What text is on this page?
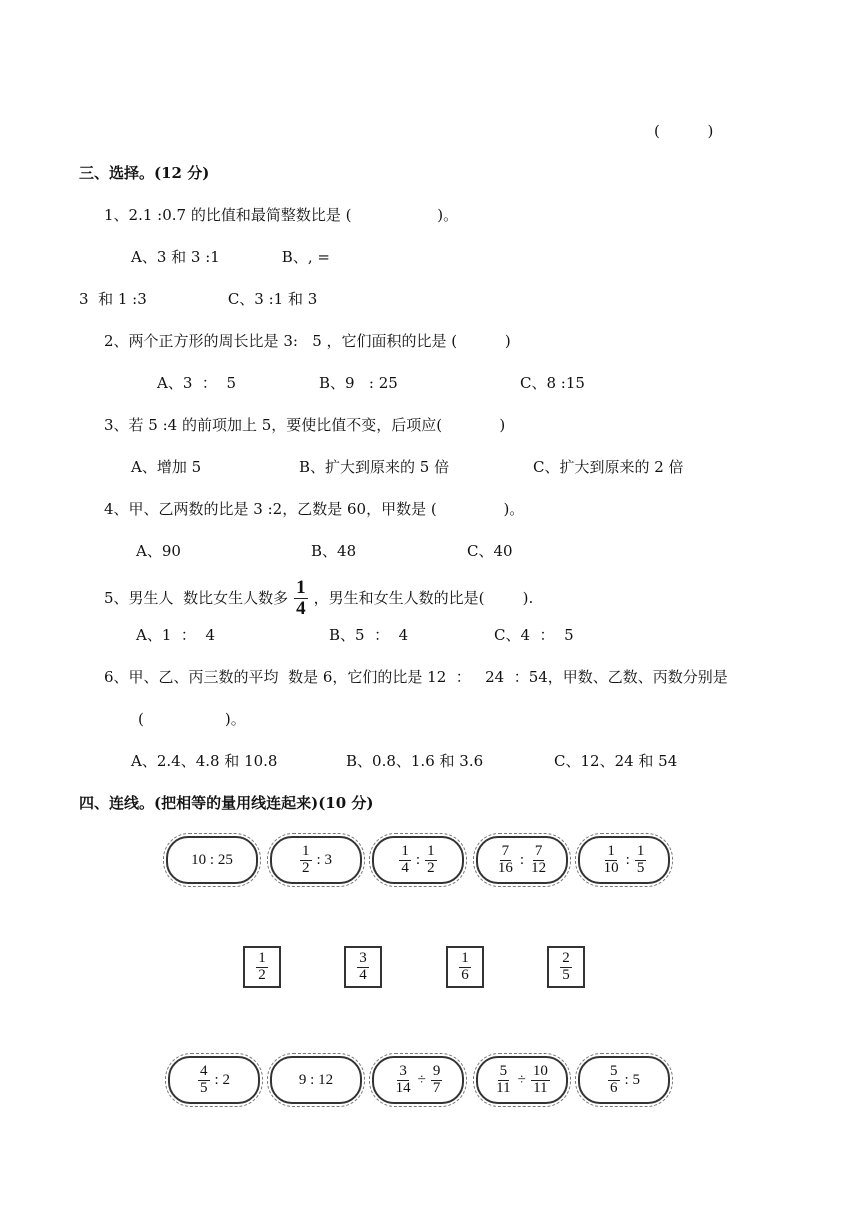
(          )
三、选择。(12 分)
1、2.1 :0.7 的比值和最简整数比是 (                  )。
A、3 和 3 :1             B、, =
3  和 1 :3                 C、3 :1 和 3
2、两个正方形的周长比是 3:   5 ，它们面积的比是 (          )
A、3  ：  5	B、9   : 25	C、8 :15
3、若 5 :4 的前项加上 5，要使比值不变，后项应(            )
A、增加 5	B、扩大到原来的 5 倍	C、扩大到原来的 2 倍
4、甲、乙两数的比是 3 :2，乙数是 60，甲数是 (              )。
A、90	B、48	C、40
5、男生人  数比女生人数多 $\frac{1}{4}$ ，男生和女生人数的比是(        ).
A、1  ：  4	B、5  ：  4	C、4  ：  5
6、甲、乙、丙三数的平均  数是 6，它们的比是 12  ：   24  ：54，甲数、乙数、丙数分别是
(                 )。
A、2.4、4.8 和 10.8	B、0.8、1.6 和 3.6	C、12、24 和 54
四、连线。(把相等的量用线连起来)(10 分)
10 : 25	$\frac{1}{2}$ : 3	$\frac{1}{4}$ : $\frac{1}{2}$	$\frac{7}{16}$ : $\frac{7}{12}$	$\frac{1}{10}$ : $\frac{1}{5}$
$\frac{1}{2}$	$\frac{3}{4}$	$\frac{1}{6}$	$\frac{2}{5}$
$\frac{4}{5}$ : 2	9 : 12	$\frac{3}{14} \div \frac{9}{7}$	$\frac{5}{11} \div \frac{10}{11}$	$\frac{5}{6}$ : 5
